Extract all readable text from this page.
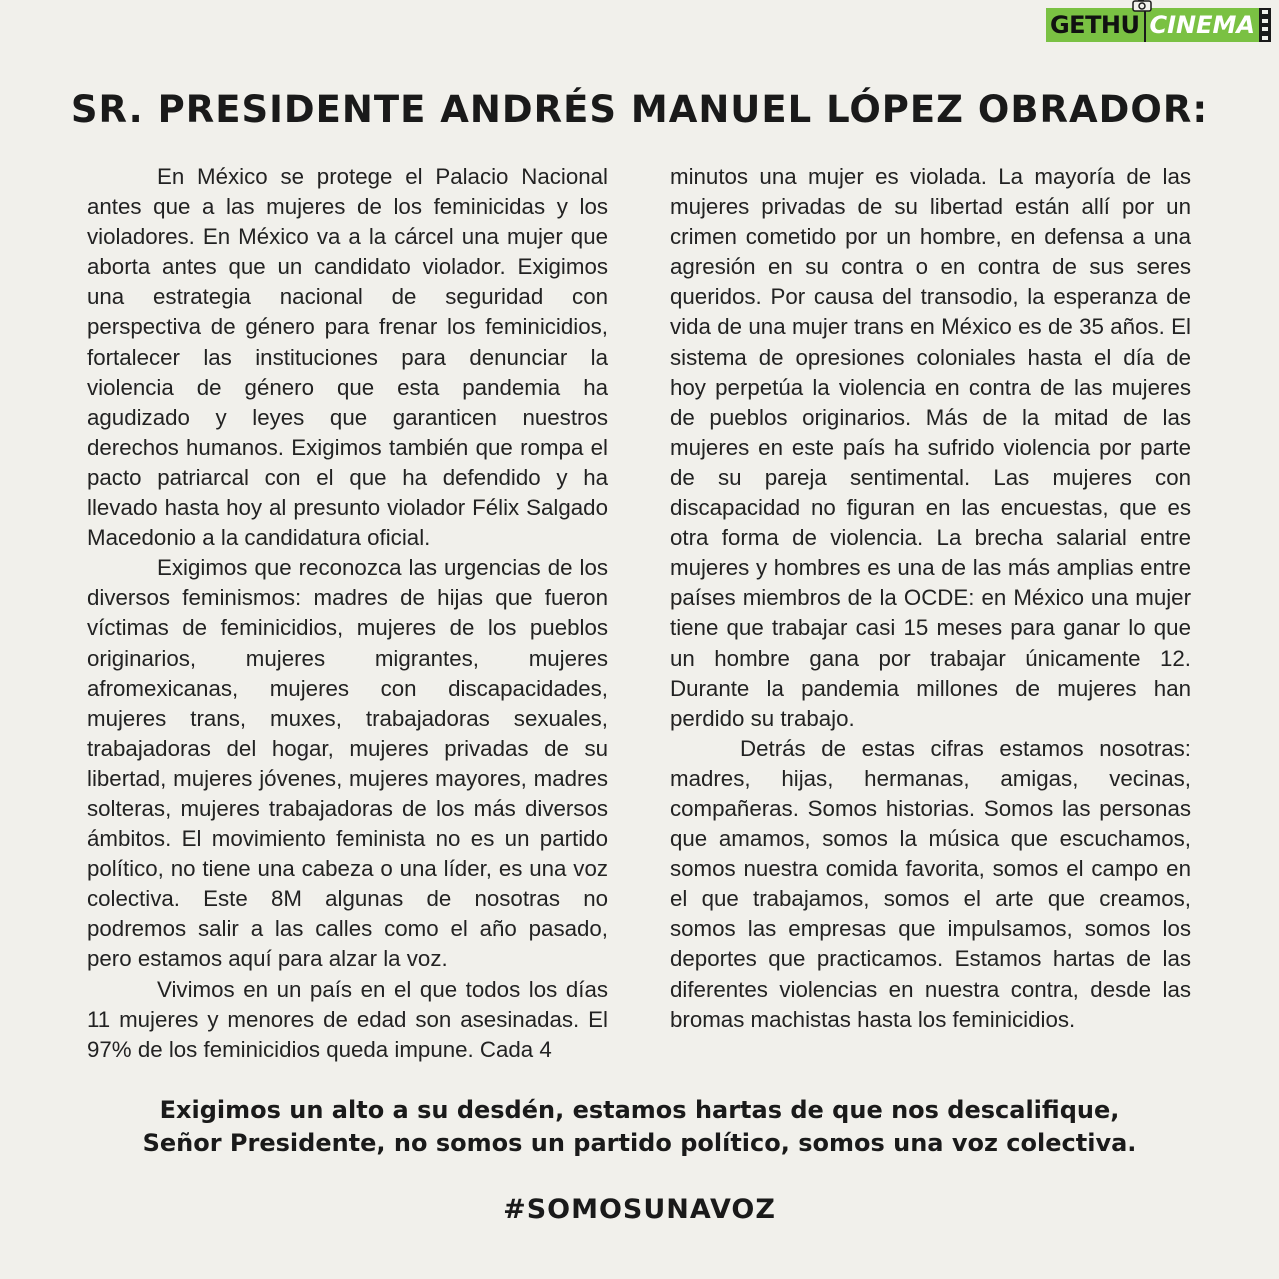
GETHU CINEMA
SR. PRESIDENTE ANDRÉS MANUEL LÓPEZ OBRADOR:

En México se protege el Palacio Nacional antes que a las mujeres de los feminicidas y los violadores. En México va a la cárcel una mujer que aborta antes que un candidato violador. Exigimos una estrategia nacional de seguridad con perspectiva de género para frenar los feminicidios, fortalecer las instituciones para denunciar la violencia de género que esta pandemia ha agudizado y leyes que garanticen nuestros derechos humanos. Exigimos también que rompa el pacto patriarcal con el que ha defendido y ha llevado hasta hoy al presunto violador Félix Salgado Macedonio a la candidatura oficial.

Exigimos que reconozca las urgencias de los diversos feminismos: madres de hijas que fueron víctimas de feminicidios, mujeres de los pueblos originarios, mujeres migrantes, mujeres afromexicanas, mujeres con discapacidades, mujeres trans, muxes, trabajadoras sexuales, trabajadoras del hogar, mujeres privadas de su libertad, mujeres jóvenes, mujeres mayores, madres solteras, mujeres trabajadoras de los más diversos ámbitos. El movimiento feminista no es un partido político, no tiene una cabeza o una líder, es una voz colectiva. Este 8M algunas de nosotras no podremos salir a las calles como el año pasado, pero estamos aquí para alzar la voz.

Vivimos en un país en el que todos los días 11 mujeres y menores de edad son asesinadas. El 97% de los feminicidios queda impune. Cada 4

minutos una mujer es violada. La mayoría de las mujeres privadas de su libertad están allí por un crimen cometido por un hombre, en defensa a una agresión en su contra o en contra de sus seres queridos. Por causa del transodio, la esperanza de vida de una mujer trans en México es de 35 años. El sistema de opresiones coloniales hasta el día de hoy perpetúa la violencia en contra de las mujeres de pueblos originarios. Más de la mitad de las mujeres en este país ha sufrido violencia por parte de su pareja sentimental. Las mujeres con discapacidad no figuran en las encuestas, que es otra forma de violencia. La brecha salarial entre mujeres y hombres es una de las más amplias entre países miembros de la OCDE: en México una mujer tiene que trabajar casi 15 meses para ganar lo que un hombre gana por trabajar únicamente 12. Durante la pandemia millones de mujeres han perdido su trabajo.

Detrás de estas cifras estamos nosotras: madres, hijas, hermanas, amigas, vecinas, compañeras. Somos historias. Somos las personas que amamos, somos la música que escuchamos, somos nuestra comida favorita, somos el campo en el que trabajamos, somos el arte que creamos, somos las empresas que impulsamos, somos los deportes que practicamos. Estamos hartas de las diferentes violencias en nuestra contra, desde las bromas machistas hasta los feminicidios.

Exigimos un alto a su desdén, estamos hartas de que nos descalifique,
Señor Presidente, no somos un partido político, somos una voz colectiva.
#SOMOSUNAVOZ
